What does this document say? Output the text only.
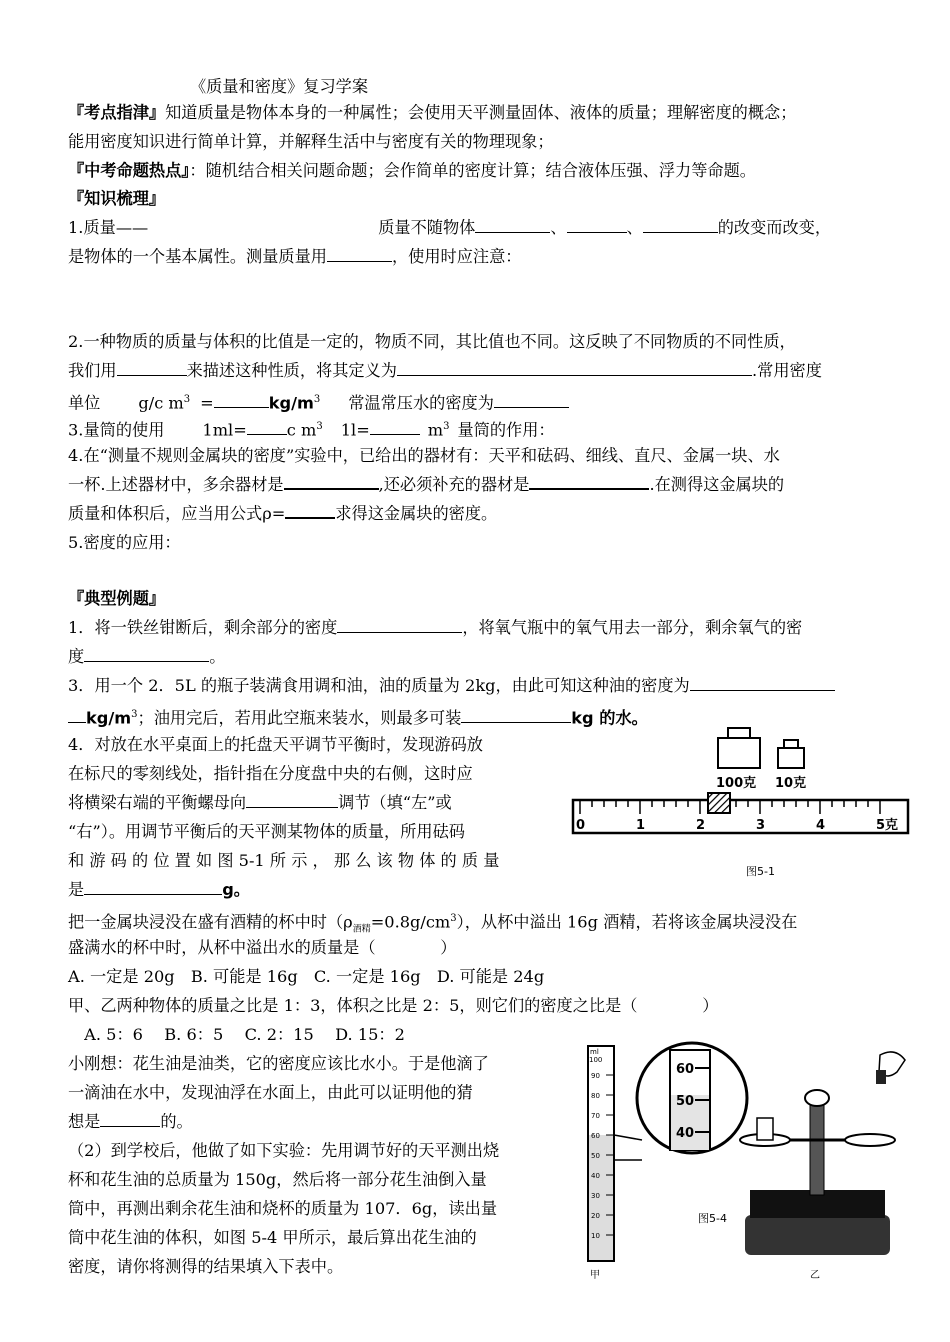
《质量和密度》复习学案
『考点指津』知道质量是物体本身的一种属性；会使用天平测量固体、液体的质量；理解密度的概念；
能用密度知识进行简单计算，并解释生活中与密度有关的物理现象；
『中考命题热点』：随机结合相关问题命题；会作简单的密度计算；结合液体压强、浮力等命题。
『知识梳理』
1.质量——	质量不随物体	、	、	的改变而改变，
是物体的一个基本属性。测量质量用	，使用时应注意：
2.一种物质的质量与体积的比值是一定的，物质不同，其比值也不同。这反映了不同物质的不同性质，
我们用	来描述这种性质，将其定义为	.常用密度
单位 g/c $m^3$ =	$kg/m^3$ 常温常压水的密度为
3.量筒的使用 1ml= c $m^3$ 1l=	$m^3$ 量筒的作用：
4.在“测量不规则金属块的密度”实验中，已给出的器材有：天平和砝码、细线、直尺、金属一块、水
一杯.上述器材中，多余器材是	,还必须补充的器材是	.在测得这金属块的
质量和体积后，应当用公式ρ=	求得这金属块的密度。
5.密度的应用：
『典型例题』
1．将一铁丝钳断后，剩余部分的密度	，将氧气瓶中的氧气用去一部分，剩余氧气的密
度	。
3．用一个 2．5L 的瓶子装满食用调和油，油的质量为 2kg，由此可知这种油的密度为
$kg/m^3$；油用完后，若用此空瓶来装水，则最多可装	kg 的水。
4．对放在水平桌面上的托盘天平调节平衡时，发现游码放
在标尺的零刻线处，指针指在分度盘中央的右侧，这时应
将横梁右端的平衡螺母向	调节（填“左”或
“右”）。用调节平衡后的天平测某物体的质量，所用砝码
和 游 码 的 位 置 如 图 5-1 所 示 ， 那 么 该 物 体 的 质 量
是	g。
把一金属块浸没在盛有酒精的杯中时$(\rho_{酒精}=0.8g/cm^3)$，从杯中溢出 16g 酒精，若将该金属块浸没在
盛满水的杯中时，从杯中溢出水的质量是（　　　　）
A. 一定是 20g　B. 可能是 16g　C. 一定是 16g　D. 可能是 24g
甲、乙两种物体的质量之比是 1：3，体积之比是 2：5，则它们的密度之比是（　　　　）
　A. 5：6　 B. 6：5　 C. 2：15　 D. 15：2
小刚想：花生油是油类，它的密度应该比水小。于是他滴了
一滴油在水中，发现油浮在水面上，由此可以证明他的猜
想是	的。
（2）到学校后，他做了如下实验：先用调节好的天平测出烧
杯和花生油的总质量为 150g，然后将一部分花生油倒入量
筒中，再测出剩余花生油和烧杯的质量为 107．6g，读出量
筒中花生油的体积，如图 5-4 甲所示，最后算出花生油的
密度，请你将测得的结果填入下表中。
100克 10克
0	1	2	3	4	5克
图5-1
ml
100
90
80
70
60
50
40
30
20
10
甲
60
50
40
图5-4
乙
